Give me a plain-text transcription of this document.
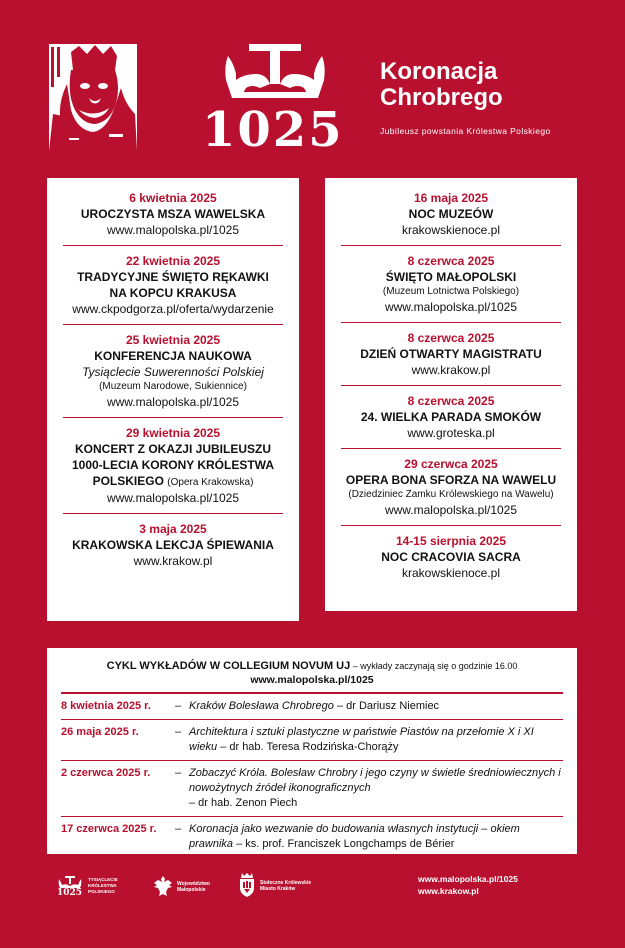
1025
Koronacja
Chrobrego
Jubileusz powstania Królestwa Polskiego
6 kwietnia 2025
UROCZYSTA MSZA WAWELSKA
www.malopolska.pl/1025
22 kwietnia 2025
TRADYCYJNE ŚWIĘTO RĘKAWKI
NA KOPCU KRAKUSA
www.ckpodgorza.pl/oferta/wydarzenie
25 kwietnia 2025
KONFERENCJA NAUKOWA
Tysiąclecie Suwerenności Polskiej
(Muzeum Narodowe, Sukiennice)
www.malopolska.pl/1025
29 kwietnia 2025
KONCERT Z OKAZJI JUBILEUSZU
1000-LECIA KORONY KRÓLESTWA
POLSKIEGO (Opera Krakowska)
www.malopolska.pl/1025
3 maja 2025
KRAKOWSKA LEKCJA ŚPIEWANIA
www.krakow.pl
16 maja 2025
NOC MUZEÓW
krakowskienoce.pl
8 czerwca 2025
ŚWIĘTO MAŁOPOLSKI
(Muzeum Lotnictwa Polskiego)
www.malopolska.pl/1025
8 czerwca 2025
DZIEŃ OTWARTY MAGISTRATU
www.krakow.pl
8 czerwca 2025
24. WIELKA PARADA SMOKÓW
www.groteska.pl
29 czerwca 2025
OPERA BONA SFORZA NA WAWELU
(Dziedziniec Zamku Królewskiego na Wawelu)
www.malopolska.pl/1025
14-15 sierpnia 2025
NOC CRACOVIA SACRA
krakowskienoce.pl
CYKL WYKŁADÓW W COLLEGIUM NOVUM UJ – wykłady zaczynają się o godzinie 16.00
www.malopolska.pl/1025
8 kwietnia 2025 r.	– Kraków Bolesława Chrobrego – dr Dariusz Niemiec
26 maja 2025 r.	– Architektura i sztuki plastyczne w państwie Piastów na przełomie X i XI wieku – dr hab. Teresa Rodzińska-Chorąży
2 czerwca 2025 r.	– Zobaczyć Króla. Bolesław Chrobry i jego czyny w świetle średniowiecznych i nowożytnych źródeł ikonograficznych
– dr hab. Zenon Piech
17 czerwca 2025 r.	– Koronacja jako wezwanie do budowania własnych instytucji – okiem prawnika – ks. prof. Franciszek Longchamps de Bérier
1025
TYSIĄCLECIE
KRÓLESTWA
POLSKIEGO
Województwo
Małopolskie
Stołeczne Królewskie
Miasto Kraków
www.malopolska.pl/1025
www.krakow.pl
